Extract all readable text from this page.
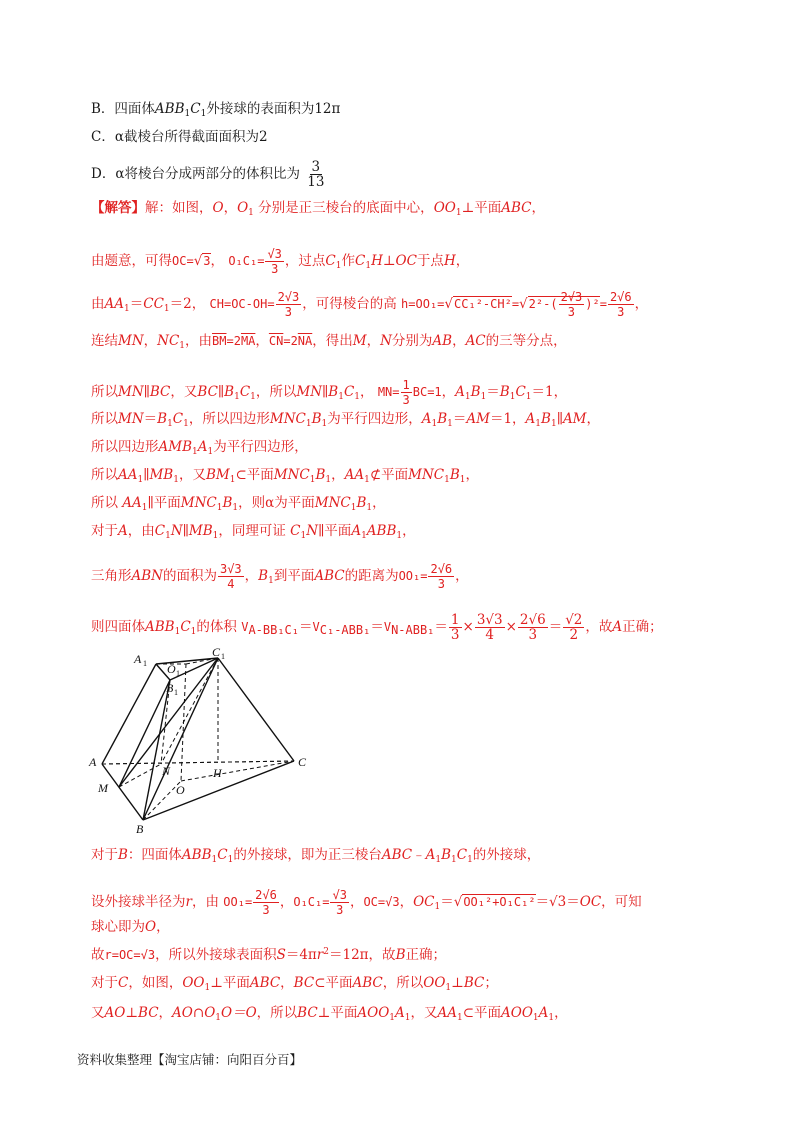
B．四面体$ABB_1C_1$外接球的表面积为12π
C．α截棱台所得截面面积为2
D．α将棱台分成两部分的体积比为 $\frac{3}{13}$
【解答】解：如图，O，$O_1$ 分别是正三棱台的底面中心，$OO_1\perp$平面ABC，
由题意，可得OC=√3， $O_1C_1= \frac{√3}{3}$ ，过点$C_1$作$C_1H\perp OC$于点H，
由$AA_1=CC_1=2$， $CH=OC-OH= \frac{2√3}{3}$ ，可得棱台的高 $h=OO_1=√CC_1^2-CH^2=√2^2-( \frac{2√3}{3} )^2= \frac{2√6}{3}$ ，
连结MN，$NC_1$，由$\overline{BM}=2\overline{MA}$，$\overline{CN}=2\overline{NA}$，得出M，N分别为AB，AC的三等分点，
所以MN∥BC，又$BC\parallel B_1C_1$，所以$MN\parallel B_1C_1$， $MN= \frac{1}{3} BC=1$，$A_1B_1=B_1C_1=1$，
所以$MN=B_1C_1$，所以四边形$MNC_1B_1$为平行四边形，$A_1B_1=AM=1$，$A_1B_1\parallel AM$，
所以四边形$AMB_1A_1$为平行四边形，
所以$AA_1\parallel MB_1$，又$BM_1\subset$平面$MNC_1B_1$，$AA_1⊄$平面$MNC_1B_1$，
所以 $AA_1\parallel$平面$MNC_1B_1$，则α为平面$MNC_1B_1$，
对于A，由$C_1N\parallel MB_1$，同理可证 $C_1N\parallel$平面$A_1ABB_1$，
三角形ABN的面积为 $\frac{3√3}{4}$ ，$B_1$到平面ABC的距离为$OO_1= \frac{2√6}{3}$ ，
则四面体$ABB_1C_1$的体积 $V_{A-BB_1C_1}=V_{C_1-ABB_1}=V_{N-ABB_1}= \frac{1}{3} \times \frac{3√3}{4} \times \frac{2√6}{3} = \frac{√2}{2}$ ，故A正确；
A 1 O 1
C 1
B 1
A
N
C
M	O
H
B
对于B：四面体$ABB_1C_1$的外接球，即为正三棱台$ABC﹣A_1B_1C_1$的外接球，
设外接球半径为r，由 $OO_1= \frac{2√6}{3}$ ，$O_1C_1= \frac{√3}{3}$ ，OC=√3，$OC_1=√OO_1^2+O_1C_1^2=√3=OC$，可知
球心即为O，
故r=OC=√3，所以外接球表面积$S=4\pi r^2=12\pi$，故B正确；
对于C，如图，$OO_1\perp$平面ABC，BC⊂平面ABC，所以$OO_1\perp BC$；
又AO⊥BC，$AO\cap O_1O=O$，所以BC⊥平面$AOO_1A_1$，又$AA_1\subset$平面$AOO_1A_1$，
资料收集整理【淘宝店铺：向阳百分百】
